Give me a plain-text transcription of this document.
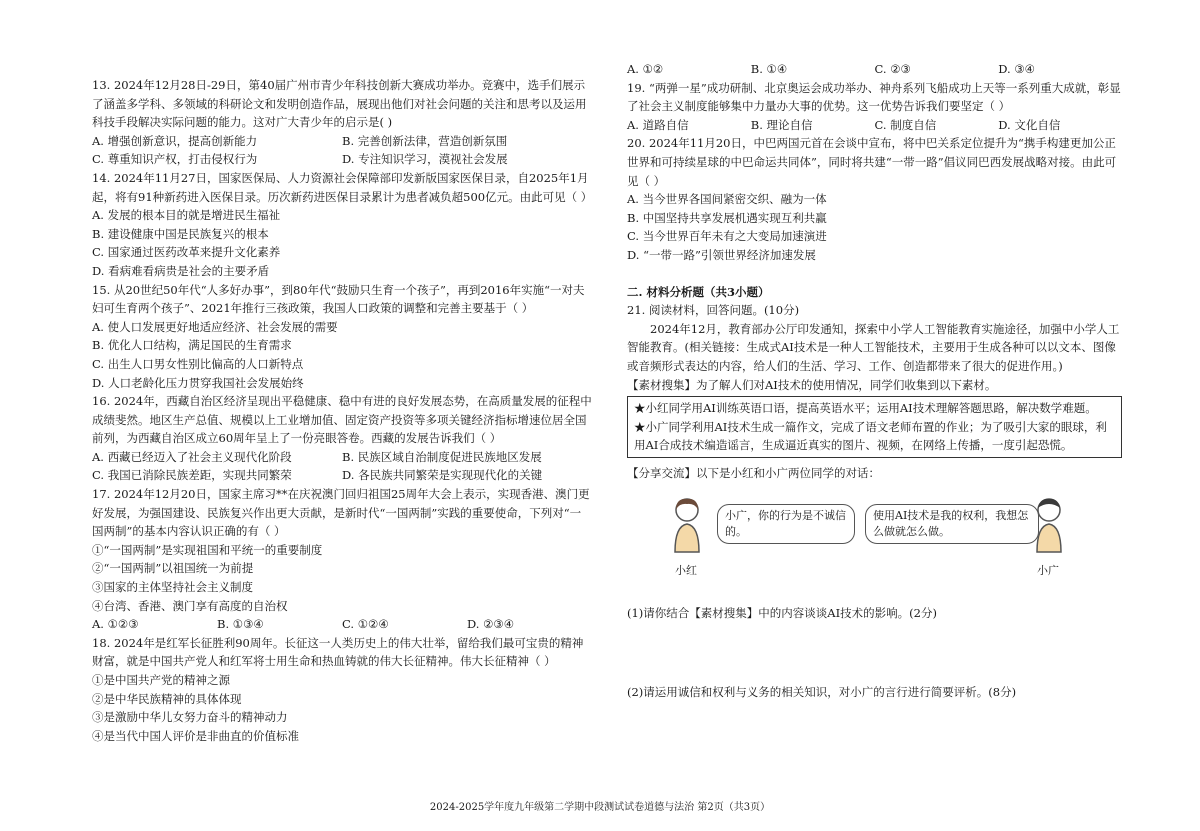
13. 2024年12月28日-29日，第40届广州市青少年科技创新大赛成功举办。竞赛中，选手们展示了涵盖多学科、多领域的科研论文和发明创造作品，展现出他们对社会问题的关注和思考以及运用科技手段解决实际问题的能力。这对广大青少年的启示是( )

A. 增强创新意识，提高创新能力	B. 完善创新法律，营造创新氛围
C. 尊重知识产权，打击侵权行为	D. 专注知识学习，漠视社会发展

14. 2024年11月27日，国家医保局、人力资源社会保障部印发新版国家医保目录，自2025年1月起，将有91种新药进入医保目录。历次新药进医保目录累计为患者减负超500亿元。由此可见（ ）

A. 发展的根本目的就是增进民生福祉

B. 建设健康中国是民族复兴的根本

C. 国家通过医药改革来提升文化素养

D. 看病难看病贵是社会的主要矛盾

15. 从20世纪50年代“人多好办事”，到80年代“鼓励只生育一个孩子”，再到2016年实施“一对夫妇可生育两个孩子”、2021年推行三孩政策，我国人口政策的调整和完善主要基于（ ）

A. 使人口发展更好地适应经济、社会发展的需要

B. 优化人口结构，满足国民的生育需求

C. 出生人口男女性别比偏高的人口新特点

D. 人口老龄化压力贯穿我国社会发展始终

16. 2024年，西藏自治区经济呈现出平稳健康、稳中有进的良好发展态势，在高质量发展的征程中成绩斐然。地区生产总值、规模以上工业增加值、固定资产投资等多项关键经济指标增速位居全国前列，为西藏自治区成立60周年呈上了一份亮眼答卷。西藏的发展告诉我们（ ）

A. 西藏已经迈入了社会主义现代化阶段	B. 民族区域自治制度促进民族地区发展
C. 我国已消除民族差距，实现共同繁荣	D. 各民族共同繁荣是实现现代化的关键

17. 2024年12月20日，国家主席习**在庆祝澳门回归祖国25周年大会上表示，实现香港、澳门更好发展，为强国建设、民族复兴作出更大贡献，是新时代“一国两制”实践的重要使命，下列对“一国两制”的基本内容认识正确的有（ ）

①“一国两制”是实现祖国和平统一的重要制度

②“一国两制”以祖国统一为前提

③国家的主体坚持社会主义制度

④台湾、香港、澳门享有高度的自治权

A. ①②③	B. ①③④	C. ①②④	D. ②③④

18. 2024年是红军长征胜利90周年。长征这一人类历史上的伟大壮举，留给我们最可宝贵的精神财富，就是中国共产党人和红军将士用生命和热血铸就的伟大长征精神。伟大长征精神（ ）

①是中国共产党的精神之源

②是中华民族精神的具体体现

③是激励中华儿女努力奋斗的精神动力

④是当代中国人评价是非曲直的价值标准

A. ①②	B. ①④	C. ②③	D. ③④

19. “两弹一星”成功研制、北京奥运会成功举办、神舟系列飞船成功上天等一系列重大成就，彰显了社会主义制度能够集中力量办大事的优势。这一优势告诉我们要坚定（ ）

A. 道路自信	B. 理论自信	C. 制度自信	D. 文化自信

20. 2024年11月20日，中巴两国元首在会谈中宣布，将中巴关系定位提升为“携手构建更加公正世界和可持续星球的中巴命运共同体”，同时将共建“一带一路”倡议同巴西发展战略对接。由此可见（ ）

A. 当今世界各国间紧密交织、融为一体

B. 中国坚持共享发展机遇实现互利共赢

C. 当今世界百年未有之大变局加速演进

D. “一带一路”引领世界经济加速发展

二. 材料分析题（共3小题）

21. 阅读材料，回答问题。(10分)

2024年12月，教育部办公厅印发通知，探索中小学人工智能教育实施途径，加强中小学人工智能教育。(相关链接：生成式AI技术是一种人工智能技术，主要用于生成各种可以以文本、图像或音频形式表达的内容，给人们的生活、学习、工作、创造都带来了很大的促进作用。)

【素材搜集】为了解人们对AI技术的使用情况，同学们收集到以下素材。

★小红同学用AI训练英语口语，提高英语水平；运用AI技术理解答题思路，解决数学难题。

★小广同学利用AI技术生成一篇作文，完成了语文老师布置的作业；为了吸引大家的眼球，利用AI合成技术编造谣言，生成逼近真实的图片、视频，在网络上传播，一度引起恐慌。

【分享交流】以下是小红和小广两位同学的对话：

小广，你的行为是不诚信的。
使用AI技术是我的权利，我想怎么做就怎么做。
小红	小广

(1)请你结合【素材搜集】中的内容谈谈AI技术的影响。(2分)

(2)请运用诚信和权利与义务的相关知识，对小广的言行进行简要评析。(8分)

2024-2025学年度九年级第二学期中段测试试卷道德与法治 第2页（共3页）
